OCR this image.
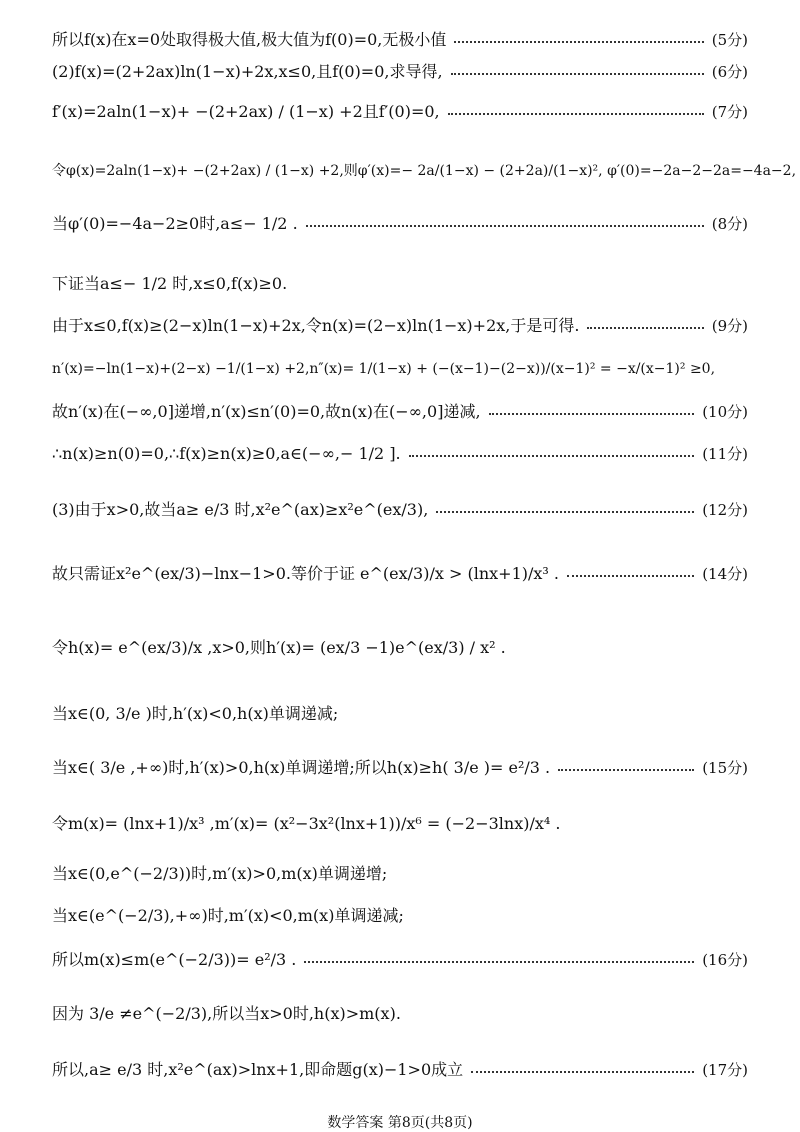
所以f(x)在x=0处取得极大值,极大值为f(0)=0,无极小值	(5分)
(2)f(x)=(2+2ax)ln(1−x)+2x,x≤0,且f(0)=0,求导得,	(6分)
f′(x)=2aln(1−x)+ −(2+2ax) / (1−x) +2且f′(0)=0,	(7分)
令φ(x)=2aln(1−x)+ −(2+2ax) / (1−x) +2,则φ′(x)=− 2a/(1−x) − (2+2a)/(1−x)², φ′(0)=−2a−2−2a=−4a−2,
当φ′(0)=−4a−2≥0时,a≤− 1/2 .	(8分)
下证当a≤− 1/2 时,x≤0,f(x)≥0.
由于x≤0,f(x)≥(2−x)ln(1−x)+2x,令n(x)=(2−x)ln(1−x)+2x,于是可得.	(9分)
n′(x)=−ln(1−x)+(2−x) −1/(1−x) +2,n″(x)= 1/(1−x) + (−(x−1)−(2−x))/(x−1)² = −x/(x−1)² ≥0,
故n′(x)在(−∞,0]递增,n′(x)≤n′(0)=0,故n(x)在(−∞,0]递减,	(10分)
∴n(x)≥n(0)=0,∴f(x)≥n(x)≥0,a∈(−∞,− 1/2 ].	(11分)
(3)由于x>0,故当a≥ e/3 时,x²e^(ax)≥x²e^(ex/3),	(12分)
故只需证x²e^(ex/3)−lnx−1>0.等价于证 e^(ex/3)/x > (lnx+1)/x³ .	(14分)
令h(x)= e^(ex/3)/x ,x>0,则h′(x)= (ex/3 −1)e^(ex/3) / x² .
当x∈(0, 3/e )时,h′(x)<0,h(x)单调递减;
当x∈( 3/e ,+∞)时,h′(x)>0,h(x)单调递增;所以h(x)≥h( 3/e )= e²/3 .	(15分)
令m(x)= (lnx+1)/x³ ,m′(x)= (x²−3x²(lnx+1))/x⁶ = (−2−3lnx)/x⁴ .
当x∈(0,e^(−2/3))时,m′(x)>0,m(x)单调递增;
当x∈(e^(−2/3),+∞)时,m′(x)<0,m(x)单调递减;
所以m(x)≤m(e^(−2/3))= e²/3 .	(16分)
因为 3/e ≠e^(−2/3),所以当x>0时,h(x)>m(x).
所以,a≥ e/3 时,x²e^(ax)>lnx+1,即命题g(x)−1>0成立	(17分)
数学答案 第8页(共8页)
